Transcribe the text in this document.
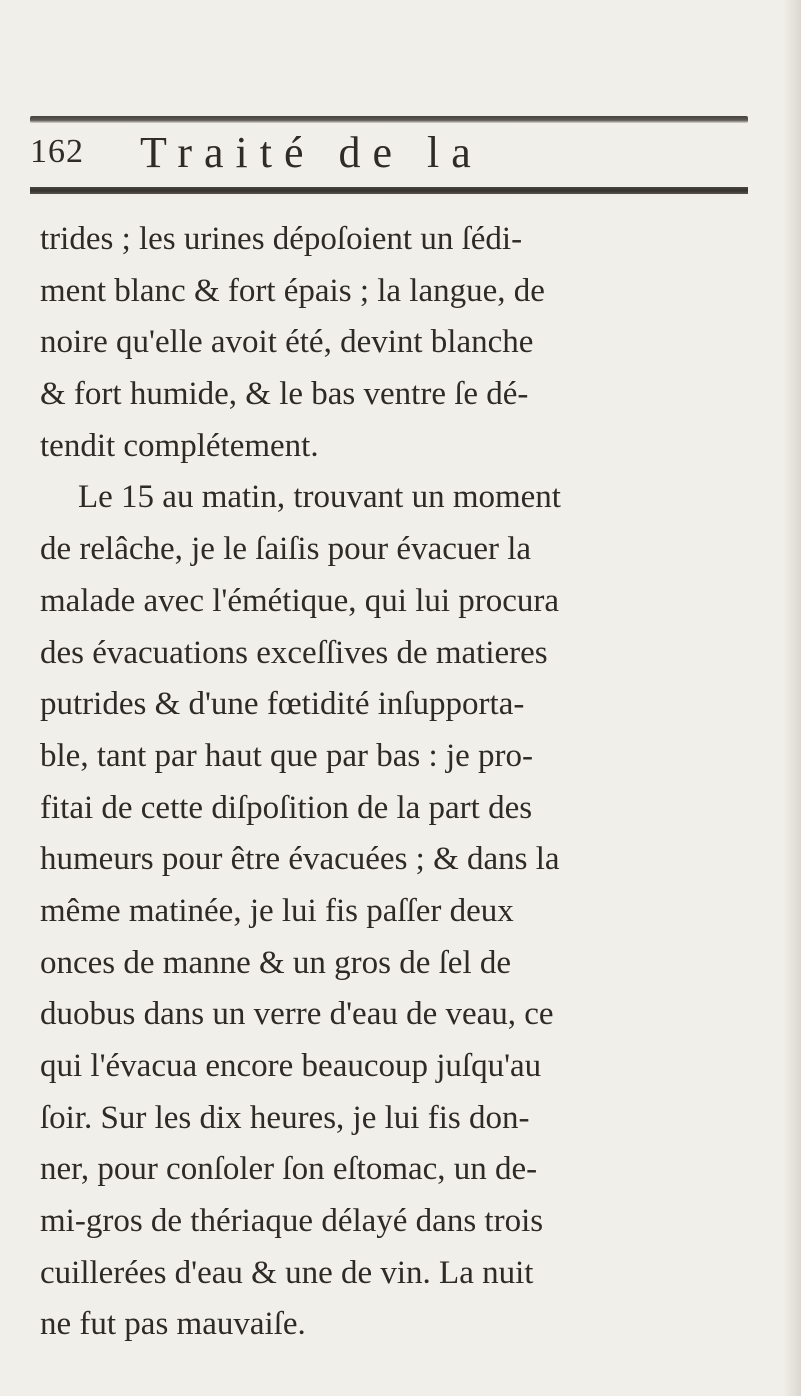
162 Traité de la
trides ; les urines dépoſoient un ſédi-
ment blanc & fort épais ; la langue, de
noire qu'elle avoit été, devint blanche
& fort humide, & le bas ventre ſe dé-
tendit complétement.
Le 15 au matin, trouvant un moment
de relâche, je le ſaiſis pour évacuer la
malade avec l'émétique, qui lui procura
des évacuations exceſſives de matieres
putrides & d'une fœtidité inſupporta-
ble, tant par haut que par bas : je pro-
fitai de cette diſpoſition de la part des
humeurs pour être évacuées ; & dans la
même matinée, je lui fis paſſer deux
onces de manne & un gros de ſel de
duobus dans un verre d'eau de veau, ce
qui l'évacua encore beaucoup juſqu'au
ſoir. Sur les dix heures, je lui fis don-
ner, pour conſoler ſon eſtomac, un de-
mi-gros de thériaque délayé dans trois
cuillerées d'eau & une de vin. La nuit
ne fut pas mauvaiſe.
